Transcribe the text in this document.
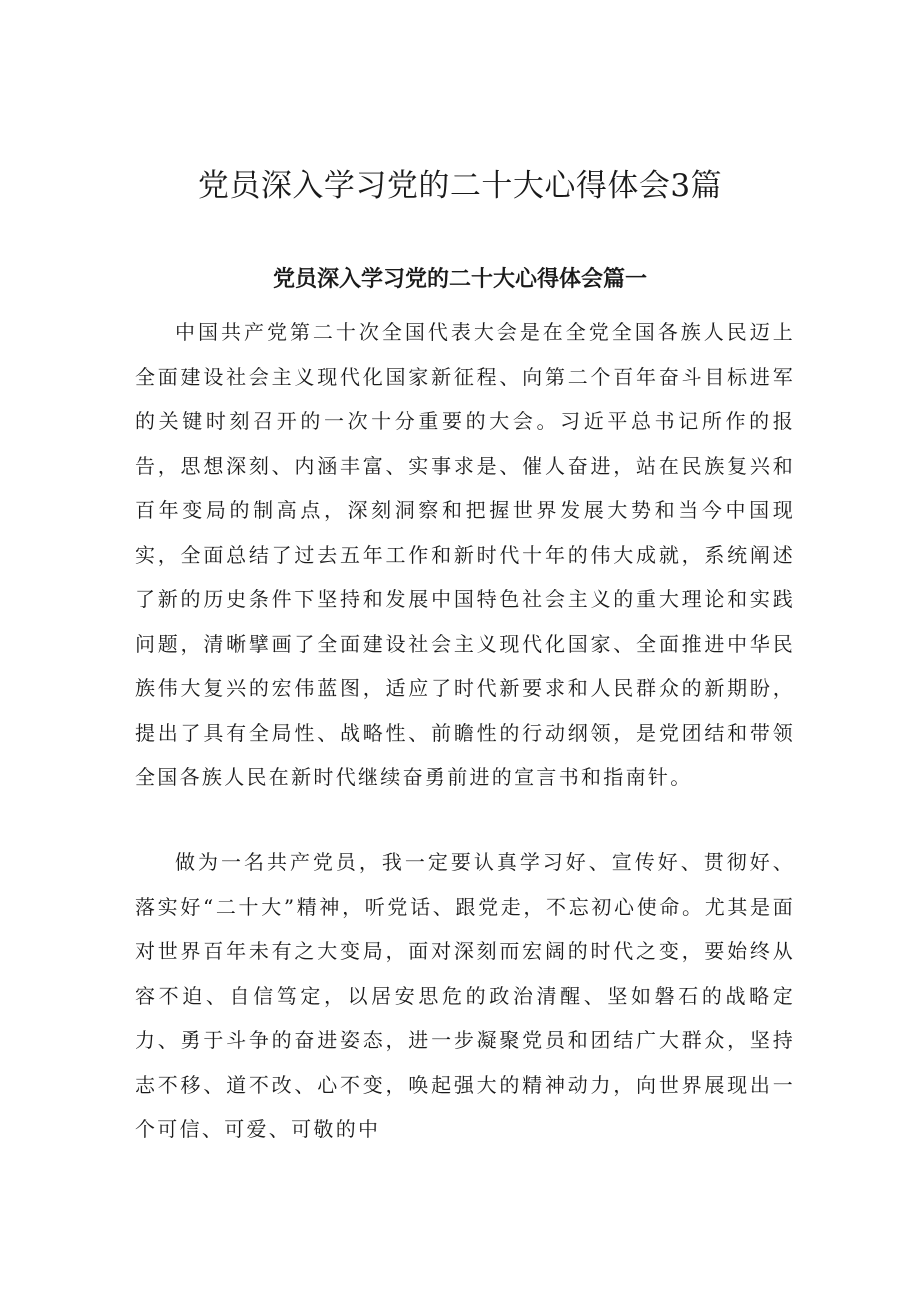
党员深入学习党的二十大心得体会3篇
党员深入学习党的二十大心得体会篇一

中国共产党第二十次全国代表大会是在全党全国各族人民迈上全面建设社会主义现代化国家新征程、向第二个百年奋斗目标进军的关键时刻召开的一次十分重要的大会。习近平总书记所作的报告，思想深刻、内涵丰富、实事求是、催人奋进，站在民族复兴和百年变局的制高点，深刻洞察和把握世界发展大势和当今中国现实，全面总结了过去五年工作和新时代十年的伟大成就，系统阐述了新的历史条件下坚持和发展中国特色社会主义的重大理论和实践问题，清晰擘画了全面建设社会主义现代化国家、全面推进中华民族伟大复兴的宏伟蓝图，适应了时代新要求和人民群众的新期盼，提出了具有全局性、战略性、前瞻性的行动纲领，是党团结和带领全国各族人民在新时代继续奋勇前进的宣言书和指南针。

做为一名共产党员，我一定要认真学习好、宣传好、贯彻好、落实好“二十大”精神，听党话、跟党走，不忘初心使命。尤其是面对世界百年未有之大变局，面对深刻而宏阔的时代之变，要始终从容不迫、自信笃定，以居安思危的政治清醒、坚如磐石的战略定力、勇于斗争的奋进姿态，进一步凝聚党员和团结广大群众，坚持志不移、道不改、心不变，唤起强大的精神动力，向世界展现出一个可信、可爱、可敬的中
